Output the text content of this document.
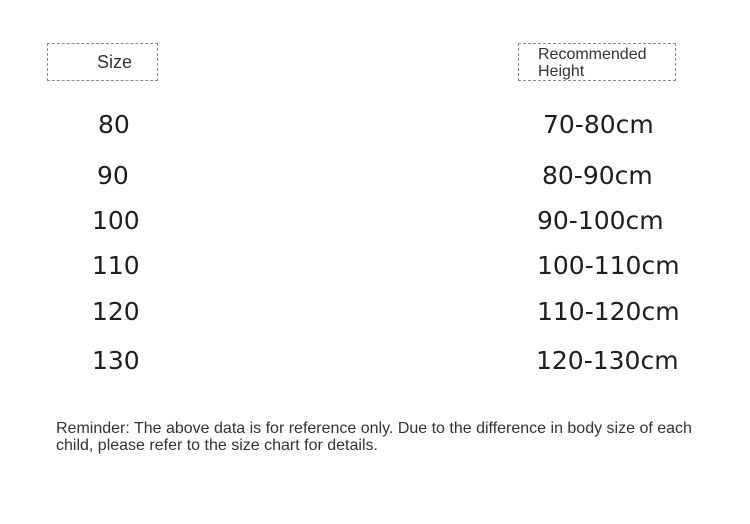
Size	Recommended Height
80	70-80cm
90	80-90cm
100	90-100cm
110	100-110cm
120	110-120cm
130	120-130cm
Reminder: The above data is for reference only. Due to the difference in body size of each child, please refer to the size chart for details.
